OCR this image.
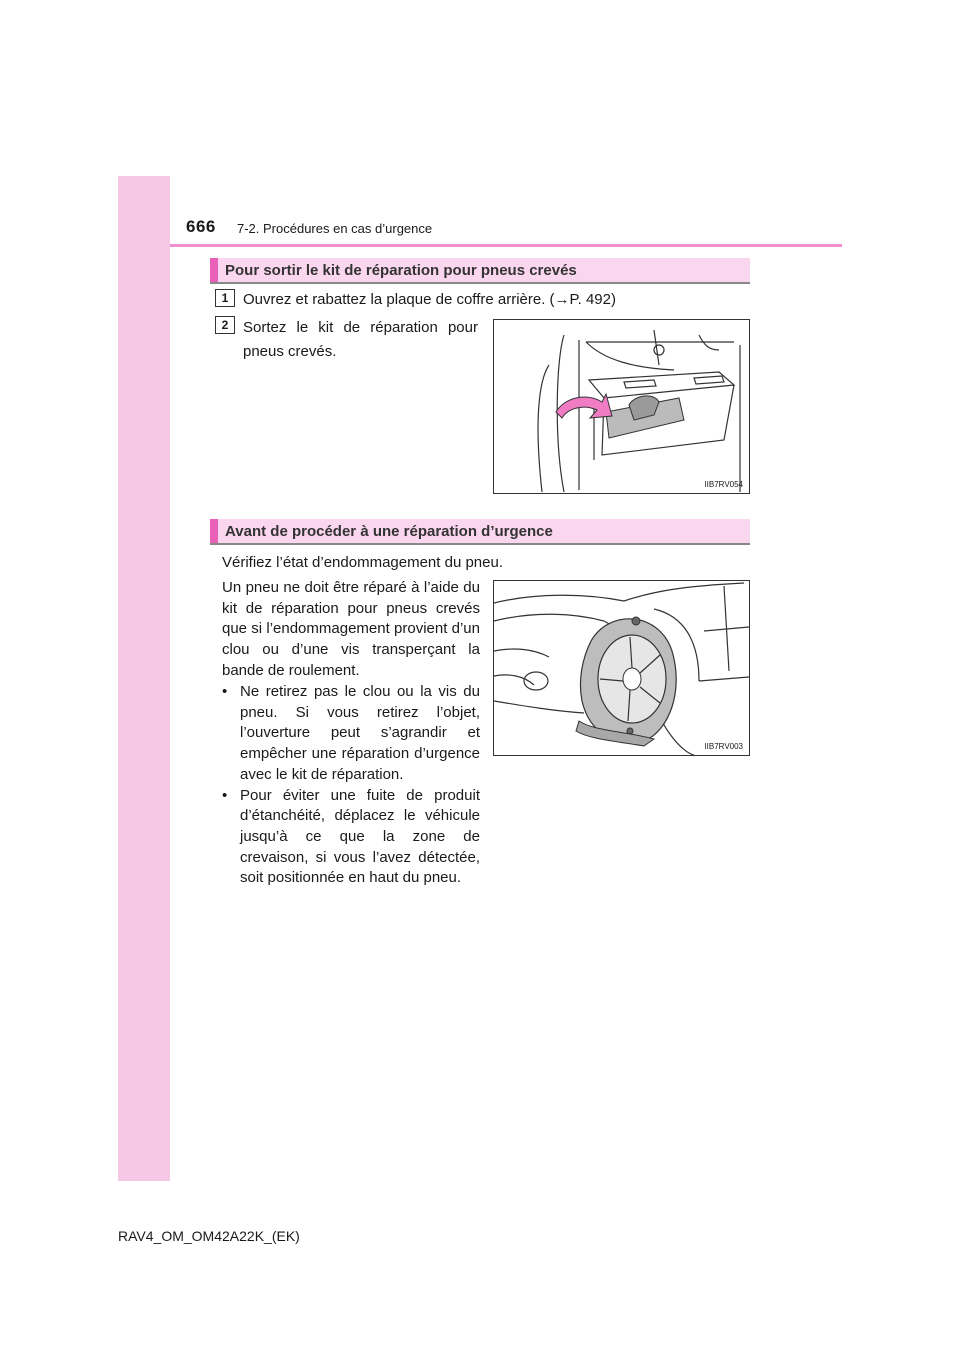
666 7-2. Procédures en cas d’urgence
Pour sortir le kit de réparation pour pneus crevés
1 Ouvrez et rabattez la plaque de coffre arrière. (→P. 492)
2 Sortez le kit de réparation pour pneus crevés.
IIB7RV054
Avant de procéder à une réparation d’urgence
Vérifiez l’état d’endommagement du pneu.
Un pneu ne doit être réparé à l’aide du kit de réparation pour pneus crevés que si l’endommagement provient d’un clou ou d’une vis transperçant la bande de roulement.
• Ne retirez pas le clou ou la vis du pneu. Si vous retirez l’objet, l’ouverture peut s’agrandir et empêcher une réparation d’urgence avec le kit de réparation.
• Pour éviter une fuite de produit d’étanchéité, déplacez le véhicule jusqu’à ce que la zone de crevaison, si vous l’avez détectée, soit positionnée en haut du pneu.
IIB7RV003
RAV4_OM_OM42A22K_(EK)
